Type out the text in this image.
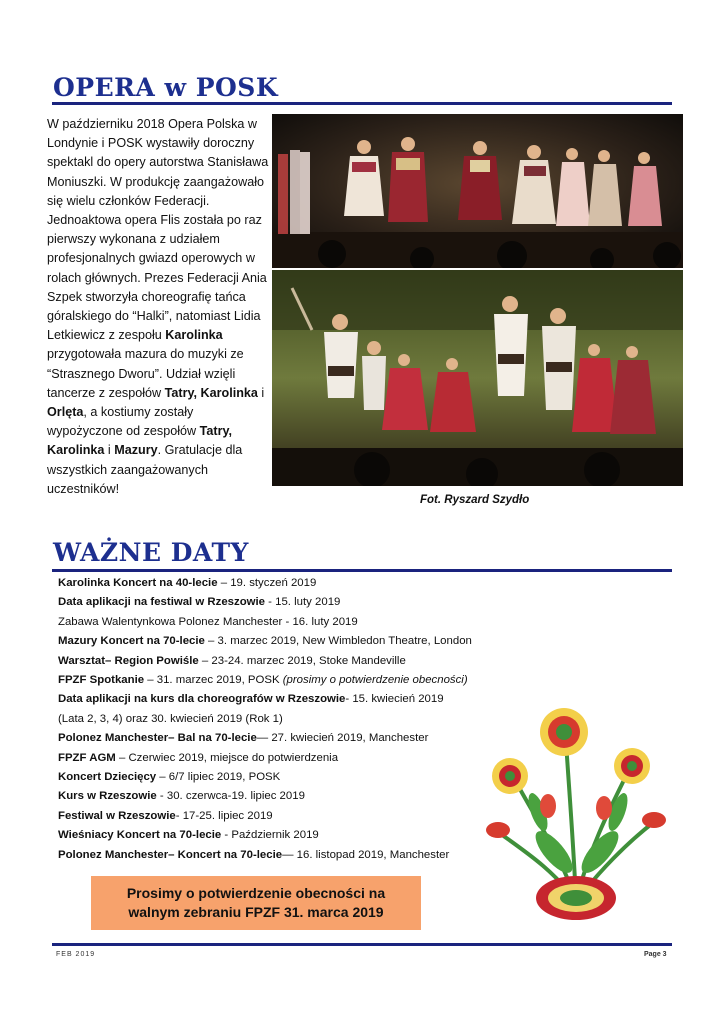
OPERA w POSK
W październiku 2018 Opera Polska w Londynie i POSK wystawiły doroczny spektakl do opery autorstwa Stanisława Moniuszki. W produkcję zaangażowało się wielu członków Federacji. Jednoaktowa opera Flis została po raz pierwszy wykonana z udziałem profesjonalnych gwiazd operowych w rolach głównych. Prezes Federacji Ania Szpek stworzyła choreografię tańca góralskiego do “Halki”, natomiast Lidia Letkiewicz z zespołu Karolinka przygotowała mazura do muzyki ze “Strasznego Dworu”. Udział wzięli tancerze z zespołów Tatry, Karolinka i Orlęta, a kostiumy zostały wypożyczone od zespołów Tatry, Karolinka i Mazury. Gratulacje dla wszystkich zaangażowanych uczestników!
Fot. Ryszard Szydło
WAŻNE DATY
Karolinka Koncert na 40-lecie – 19. styczeń 2019
Data aplikacji na festiwal w Rzeszowie - 15. luty 2019
Zabawa Walentynkowa Polonez Manchester - 16. luty 2019
Mazury Koncert na 70-lecie – 3. marzec 2019, New Wimbledon Theatre, London
Warsztat– Region Powiśle – 23-24. marzec 2019, Stoke Mandeville
FPZF Spotkanie – 31. marzec 2019, POSK (prosimy o potwierdzenie obecności)
Data aplikacji na kurs dla choreografów w Rzeszowie- 15. kwiecień 2019
(Lata 2, 3, 4) oraz 30. kwiecień 2019 (Rok 1)
Polonez Manchester– Bal na 70-lecie— 27. kwiecień 2019, Manchester
FPZF AGM – Czerwiec 2019, miejsce do potwierdzenia
Koncert Dziecięcy – 6/7 lipiec 2019, POSK
Kurs w Rzeszowie - 30. czerwca-19. lipiec 2019
Festiwal w Rzeszowie- 17-25. lipiec 2019
Wieśniacy Koncert na 70-lecie - Październik 2019
Polonez Manchester– Koncert na 70-lecie— 16. listopad 2019, Manchester
Prosimy o potwierdzenie obecności na
walnym zebraniu FPZF 31. marca 2019
FEB 2019	Page 3
